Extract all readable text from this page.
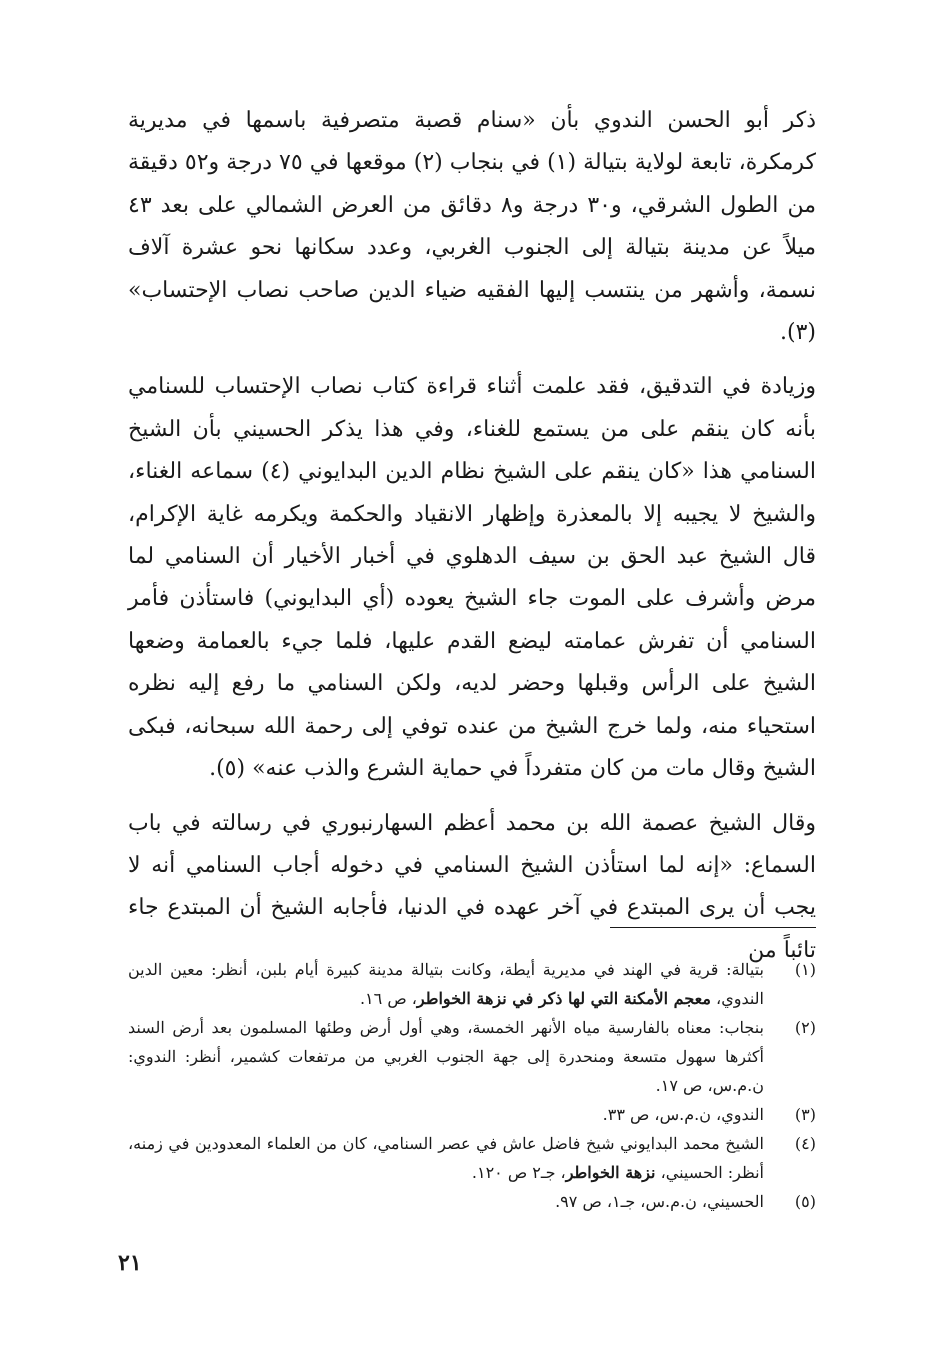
ذكر أبو الحسن الندوي بأن «سنام قصبة متصرفية باسمها في مديرية كرمكرة، تابعة لولاية بتيالة (١) في بنجاب (٢) موقعها في ٧٥ درجة و٥٢ دقيقة من الطول الشرقي، و٣٠ درجة و٨ دقائق من العرض الشمالي على بعد ٤٣ ميلاً عن مدينة بتيالة إلى الجنوب الغربي، وعدد سكانها نحو عشرة آلاف نسمة، وأشهر من ينتسب إليها الفقيه ضياء الدين صاحب نصاب الإحتساب» (٣).

وزيادة في التدقيق، فقد علمت أثناء قراءة كتاب نصاب الإحتساب للسنامي بأنه كان ينقم على من يستمع للغناء، وفي هذا يذكر الحسيني بأن الشيخ السنامي هذا «كان ينقم على الشيخ نظام الدين البدايوني (٤) سماعه الغناء، والشيخ لا يجيبه إلا بالمعذرة وإظهار الانقياد والحكمة ويكرمه غاية الإكرام، قال الشيخ عبد الحق بن سيف الدهلوي في أخبار الأخيار أن السنامي لما مرض وأشرف على الموت جاء الشيخ يعوده (أي البدايوني) فاستأذن فأمر السنامي أن تفرش عمامته ليضع القدم عليها، فلما جيء بالعمامة وضعها الشيخ على الرأس وقبلها وحضر لديه، ولكن السنامي ما رفع إليه نظره استحياء منه، ولما خرج الشيخ من عنده توفي إلى رحمة الله سبحانه، فبكى الشيخ وقال مات من كان متفرداً في حماية الشرع والذب عنه» (٥).

وقال الشيخ عصمة الله بن محمد أعظم السهارنبوري في رسالته في باب السماع: «إنه لما استأذن الشيخ السنامي في دخوله أجاب السنامي أنه لا يجب أن يرى المبتدع في آخر عهده في الدنيا، فأجابه الشيخ أن المبتدع جاء تائباً من

(١)
بتيالة: قرية في الهند في مديرية أيطة، وكانت بتيالة مدينة كبيرة أيام بلبن، أنظر: معين الدين الندوي، معجم الأمكنة التي لها ذكر في نزهة الخواطر، ص ١٦.
(٢)
بنجاب: معناه بالفارسية مياه الأنهر الخمسة، وهي أول أرض وطئها المسلمون بعد أرض السند أكثرها سهول متسعة ومنحدرة إلى جهة الجنوب الغربي من مرتفعات كشمير، أنظر: الندوي: ن.م.س، ص ١٧.
(٣)
الندوي، ن.م.س، ص ٣٣.
(٤)
الشيخ محمد البدايوني شيخ فاضل عاش في عصر السنامي، كان من العلماء المعدودين في زمنه، أنظر: الحسيني، نزهة الخواطر، جـ٢ ص ١٢٠.
(٥)
الحسيني، ن.م.س، جـ١، ص ٩٧.
٢١
